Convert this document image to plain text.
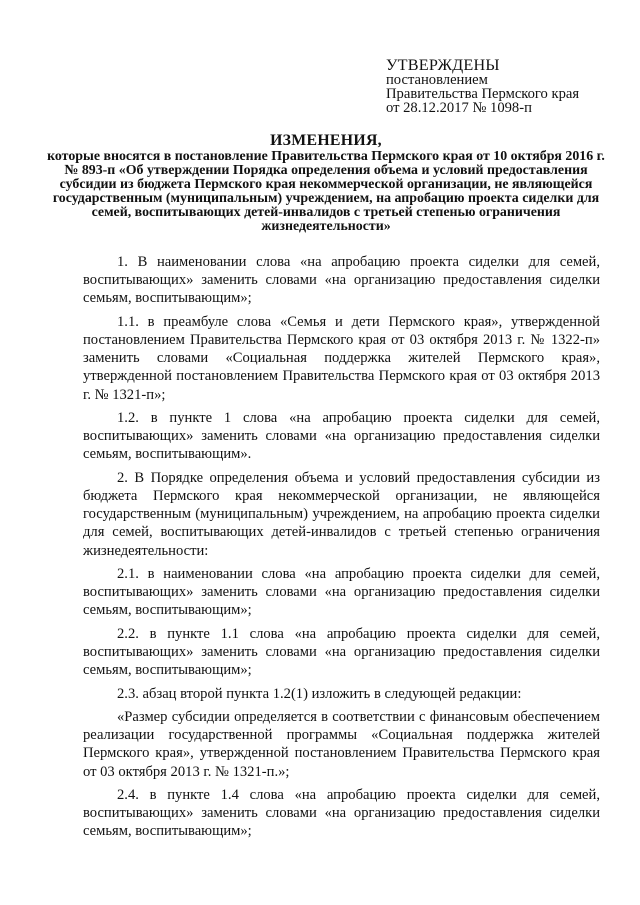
УТВЕРЖДЕНЫ
постановлением
Правительства Пермского края
от 28.12.2017 № 1098-п
ИЗМЕНЕНИЯ,
которые вносятся в постановление Правительства Пермского края от 10 октября 2016 г. № 893-п «Об утверждении Порядка определения объема и условий предоставления субсидии из бюджета Пермского края некоммерческой организации, не являющейся государственным (муниципальным) учреждением, на апробацию проекта сиделки для семей, воспитывающих детей-инвалидов с третьей степенью ограничения жизнедеятельности»

1. В наименовании слова «на апробацию проекта сиделки для семей, воспитывающих» заменить словами «на организацию предоставления сиделки семьям, воспитывающим»;

1.1. в преамбуле слова «Семья и дети Пермского края», утвержденной постановлением Правительства Пермского края от 03 октября 2013 г. № 1322-п» заменить словами «Социальная поддержка жителей Пермского края», утвержденной постановлением Правительства Пермского края от 03 октября 2013 г. № 1321-п»;

1.2. в пункте 1 слова «на апробацию проекта сиделки для семей, воспитывающих» заменить словами «на организацию предоставления сиделки семьям, воспитывающим».

2. В Порядке определения объема и условий предоставления субсидии из бюджета Пермского края некоммерческой организации, не являющейся государственным (муниципальным) учреждением, на апробацию проекта сиделки для семей, воспитывающих детей-инвалидов с третьей степенью ограничения жизнедеятельности:

2.1. в наименовании слова «на апробацию проекта сиделки для семей, воспитывающих» заменить словами «на организацию предоставления сиделки семьям, воспитывающим»;

2.2. в пункте 1.1 слова «на апробацию проекта сиделки для семей, воспитывающих» заменить словами «на организацию предоставления сиделки семьям, воспитывающим»;

2.3. абзац второй пункта 1.2(1) изложить в следующей редакции:

«Размер субсидии определяется в соответствии с финансовым обеспечением реализации государственной программы «Социальная поддержка жителей Пермского края», утвержденной постановлением Правительства Пермского края от 03 октября 2013 г. № 1321-п.»;

2.4. в пункте 1.4 слова «на апробацию проекта сиделки для семей, воспитывающих» заменить словами «на организацию предоставления сиделки семьям, воспитывающим»;
